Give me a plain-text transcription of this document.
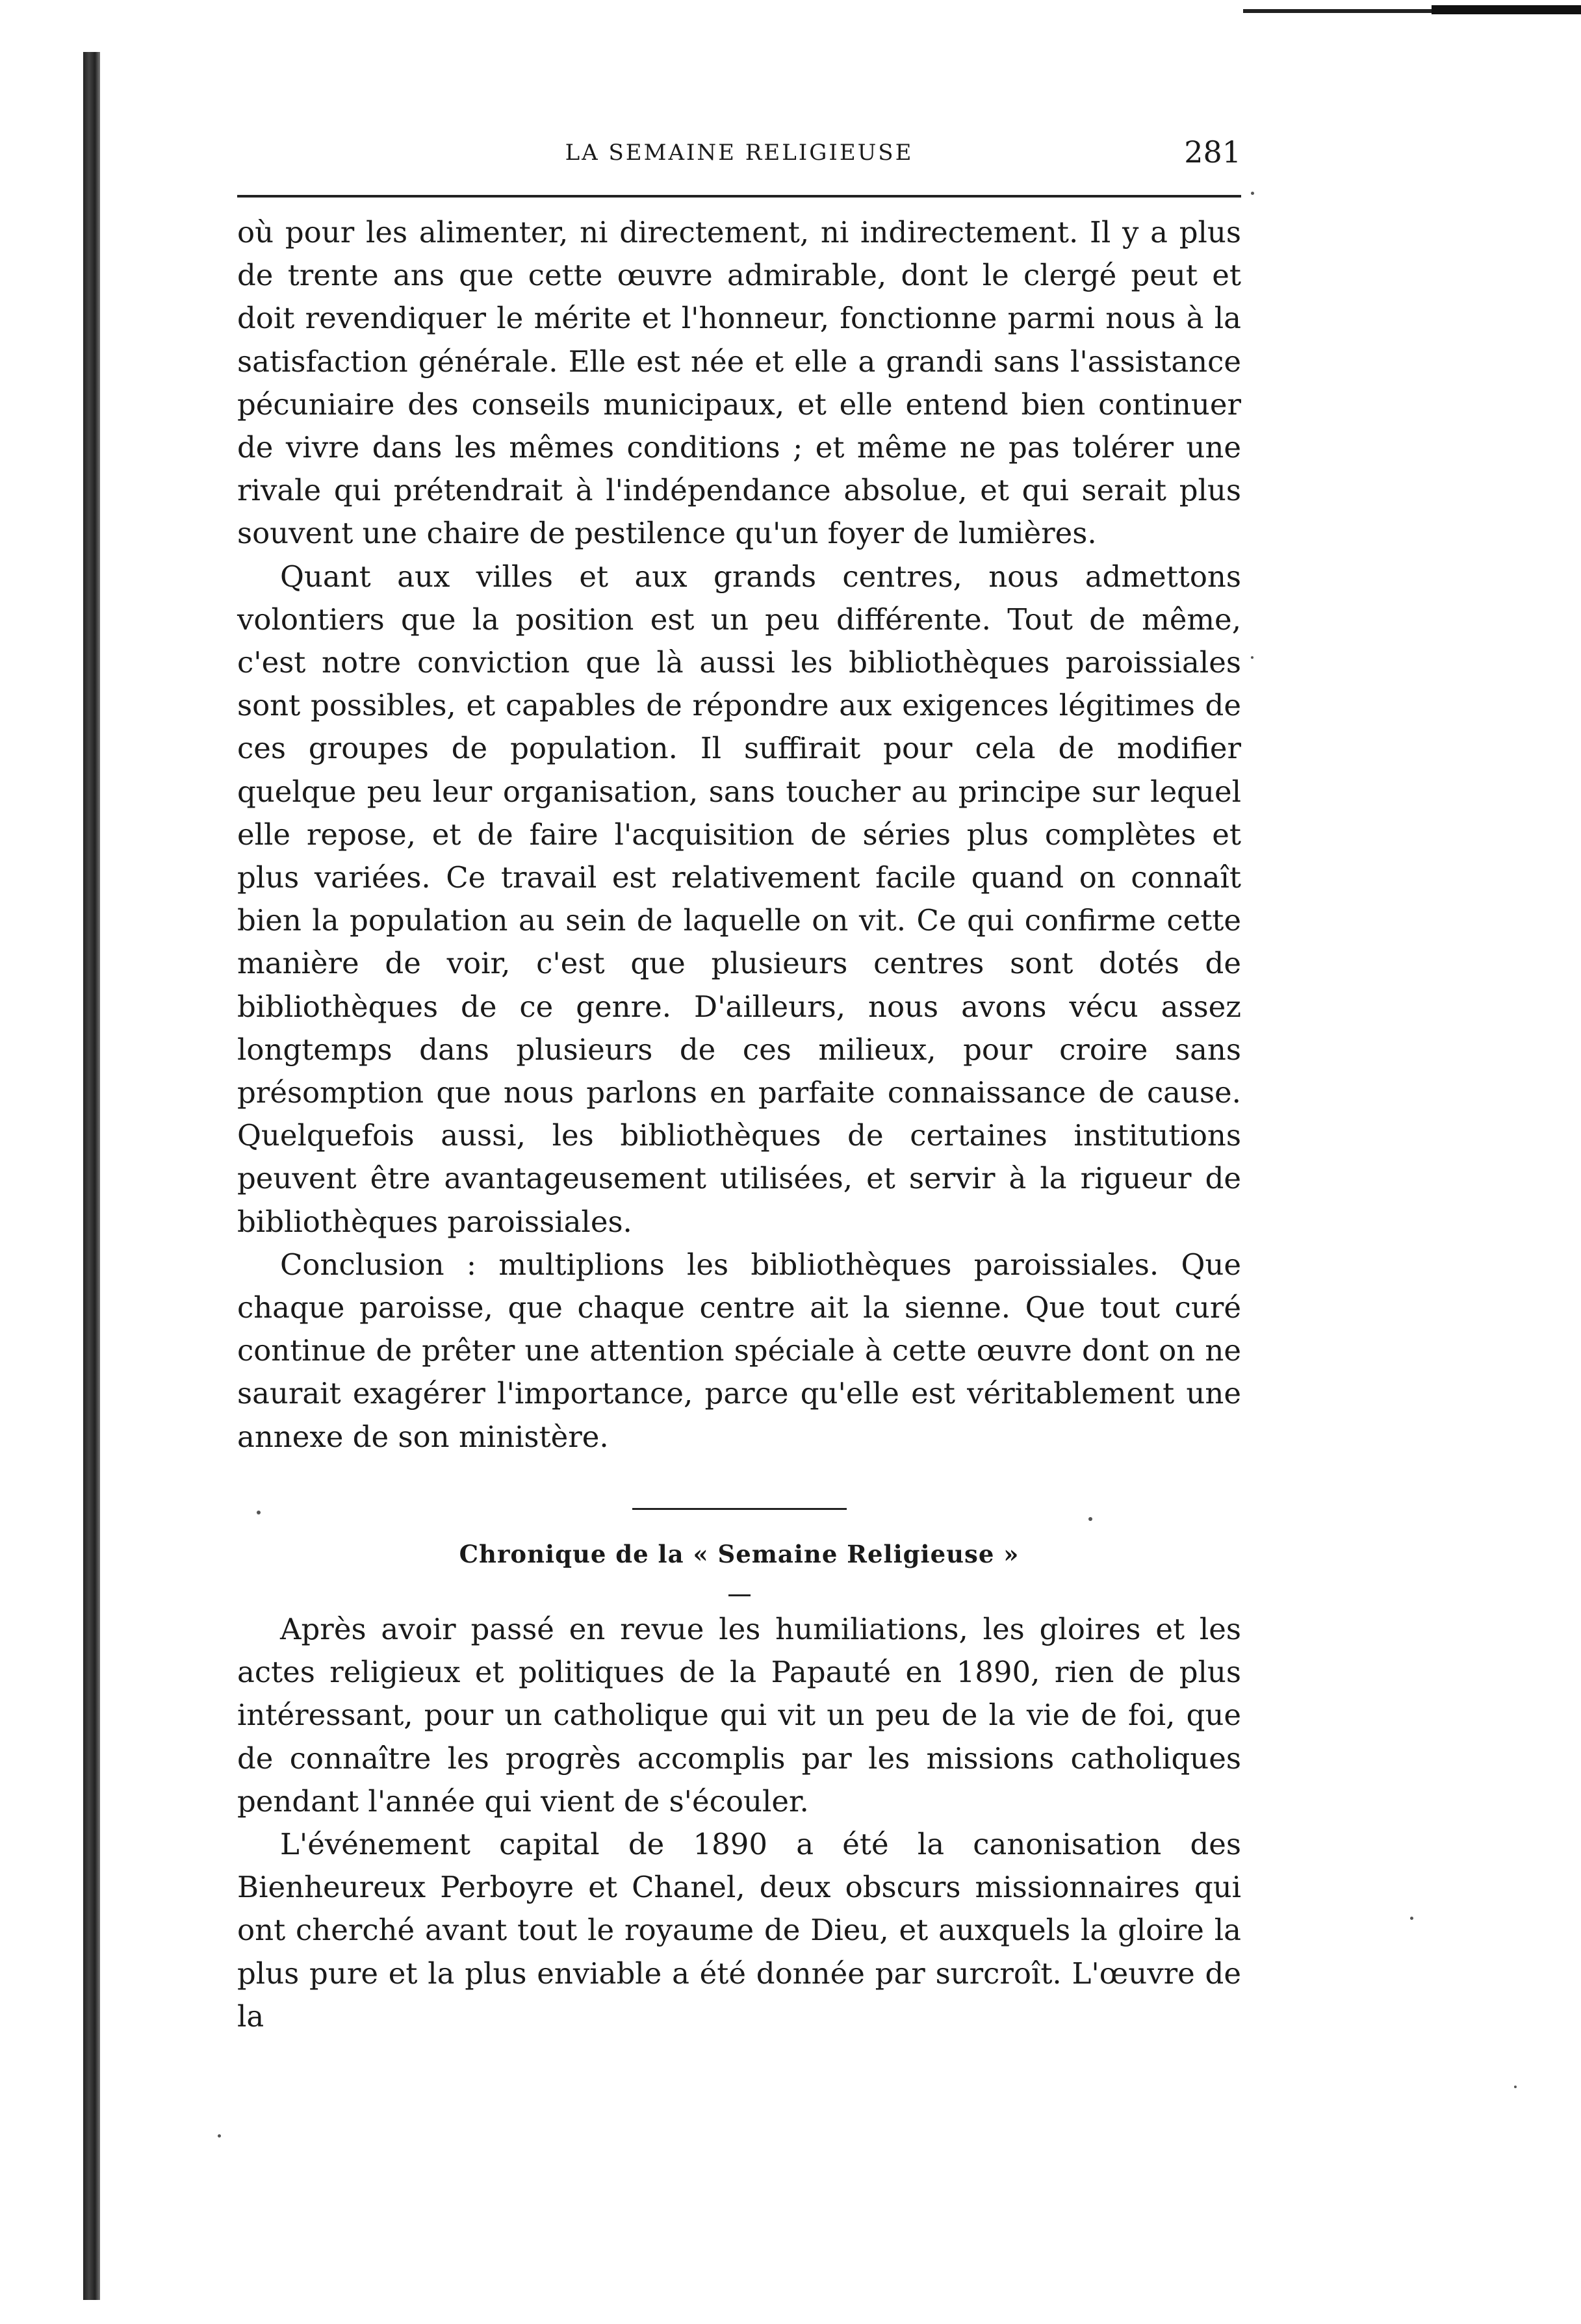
LA SEMAINE RELIGIEUSE	281

où pour les alimenter, ni directement, ni indirectement. Il y a plus de trente ans que cette œuvre admirable, dont le clergé peut et doit revendiquer le mérite et l'honneur, fonctionne parmi nous à la satisfaction générale. Elle est née et elle a grandi sans l'assistance pécuniaire des conseils municipaux, et elle entend bien continuer de vivre dans les mêmes conditions ; et même ne pas tolérer une rivale qui prétendrait à l'indépendance absolue, et qui serait plus souvent une chaire de pestilence qu'un foyer de lumières.

Quant aux villes et aux grands centres, nous admettons volontiers que la position est un peu différente. Tout de même, c'est notre conviction que là aussi les bibliothèques paroissiales sont possibles, et capables de répondre aux exigences légitimes de ces groupes de population. Il suffirait pour cela de modifier quelque peu leur organisation, sans toucher au principe sur lequel elle repose, et de faire l'acquisition de séries plus complètes et plus variées. Ce travail est relativement facile quand on connaît bien la population au sein de laquelle on vit. Ce qui confirme cette manière de voir, c'est que plusieurs centres sont dotés de bibliothèques de ce genre. D'ailleurs, nous avons vécu assez longtemps dans plusieurs de ces milieux, pour croire sans présomption que nous parlons en parfaite connaissance de cause. Quelquefois aussi, les bibliothèques de certaines institutions peuvent être avantageusement utilisées, et servir à la rigueur de bibliothèques paroissiales.

Conclusion : multiplions les bibliothèques paroissiales. Que chaque paroisse, que chaque centre ait la sienne. Que tout curé continue de prêter une attention spéciale à cette œuvre dont on ne saurait exagérer l'importance, parce qu'elle est véritablement une annexe de son ministère.

Chronique de la « Semaine Religieuse »

Après avoir passé en revue les humiliations, les gloires et les actes religieux et politiques de la Papauté en 1890, rien de plus intéressant, pour un catholique qui vit un peu de la vie de foi, que de connaître les progrès accomplis par les missions catholiques pendant l'année qui vient de s'écouler.

L'événement capital de 1890 a été la canonisation des Bienheureux Perboyre et Chanel, deux obscurs missionnaires qui ont cherché avant tout le royaume de Dieu, et auxquels la gloire la plus pure et la plus enviable a été donnée par surcroît. L'œuvre de la
